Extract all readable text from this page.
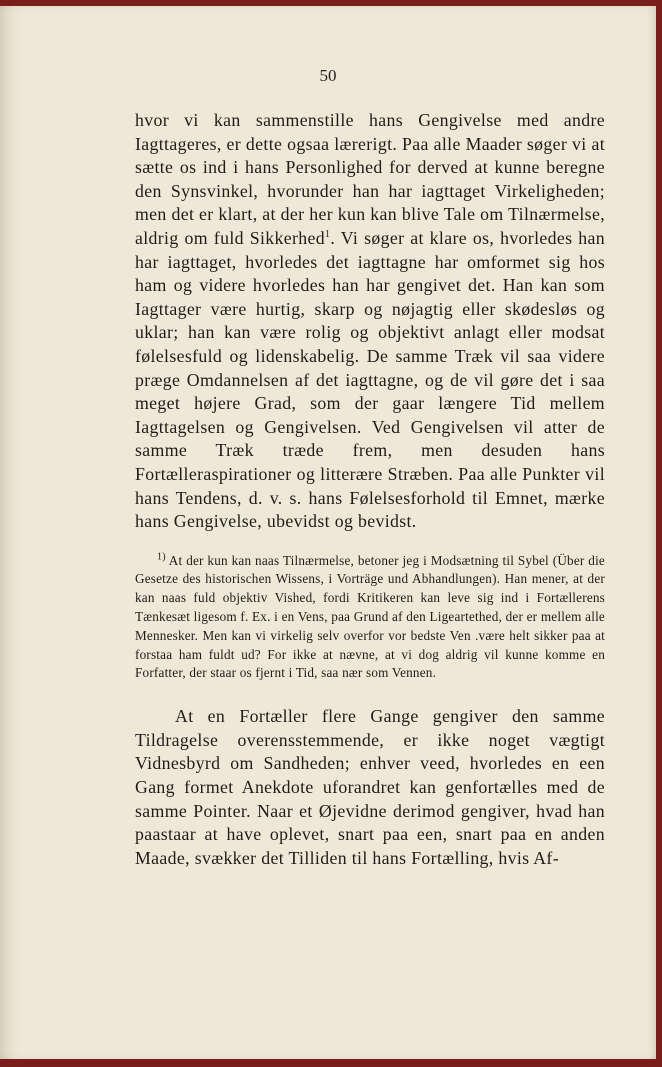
50

hvor vi kan sammenstille hans Gengivelse med andre Iagttageres, er dette ogsaa lærerigt. Paa alle Maader søger vi at sætte os ind i hans Personlighed for derved at kunne beregne den Synsvinkel, hvorunder han har iagttaget Virkeligheden; men det er klart, at der her kun kan blive Tale om Tilnærmelse, aldrig om fuld Sikkerhed$^1$. Vi søger at klare os, hvorledes han har iagttaget, hvorledes det iagttagne har omformet sig hos ham og videre hvorledes han har gengivet det. Han kan som Iagttager være hurtig, skarp og nøjagtig eller skødesløs og uklar; han kan være rolig og objektivt anlagt eller modsat følelsesfuld og lidenskabelig. De samme Træk vil saa videre præge Omdannelsen af det iagttagne, og de vil gøre det i saa meget højere Grad, som der gaar længere Tid mellem Iagttagelsen og Gengivelsen. Ved Gengivelsen vil atter de samme Træk træde frem, men desuden hans Fortælleraspirationer og litterære Stræben. Paa alle Punkter vil hans Tendens, d. v. s. hans Følelsesforhold til Emnet, mærke hans Gengivelse, ubevidst og bevidst.

$^{1)}$ At der kun kan naas Tilnærmelse, betoner jeg i Modsætning til Sybel (Über die Gesetze des historischen Wissens, i Vorträge und Abhandlungen). Han mener, at der kan naas fuld objektiv Vished, fordi Kritikeren kan leve sig ind i Fortællerens Tænkesæt ligesom f. Ex. i en Vens, paa Grund af den Ligeartethed, der er mellem alle Mennesker. Men kan vi virkelig selv overfor vor bedste Ven .være helt sikker paa at forstaa ham fuldt ud? For ikke at nævne, at vi dog aldrig vil kunne komme en Forfatter, der staar os fjernt i Tid, saa nær som Vennen.

At en Fortæller flere Gange gengiver den samme Tildragelse overensstemmende, er ikke noget vægtigt Vidnesbyrd om Sandheden; enhver veed, hvorledes en een Gang formet Anekdote uforandret kan genfortælles med de samme Pointer. Naar et Øjevidne derimod gengiver, hvad han paastaar at have oplevet, snart paa een, snart paa en anden Maade, svækker det Tilliden til hans Fortælling, hvis Af-
